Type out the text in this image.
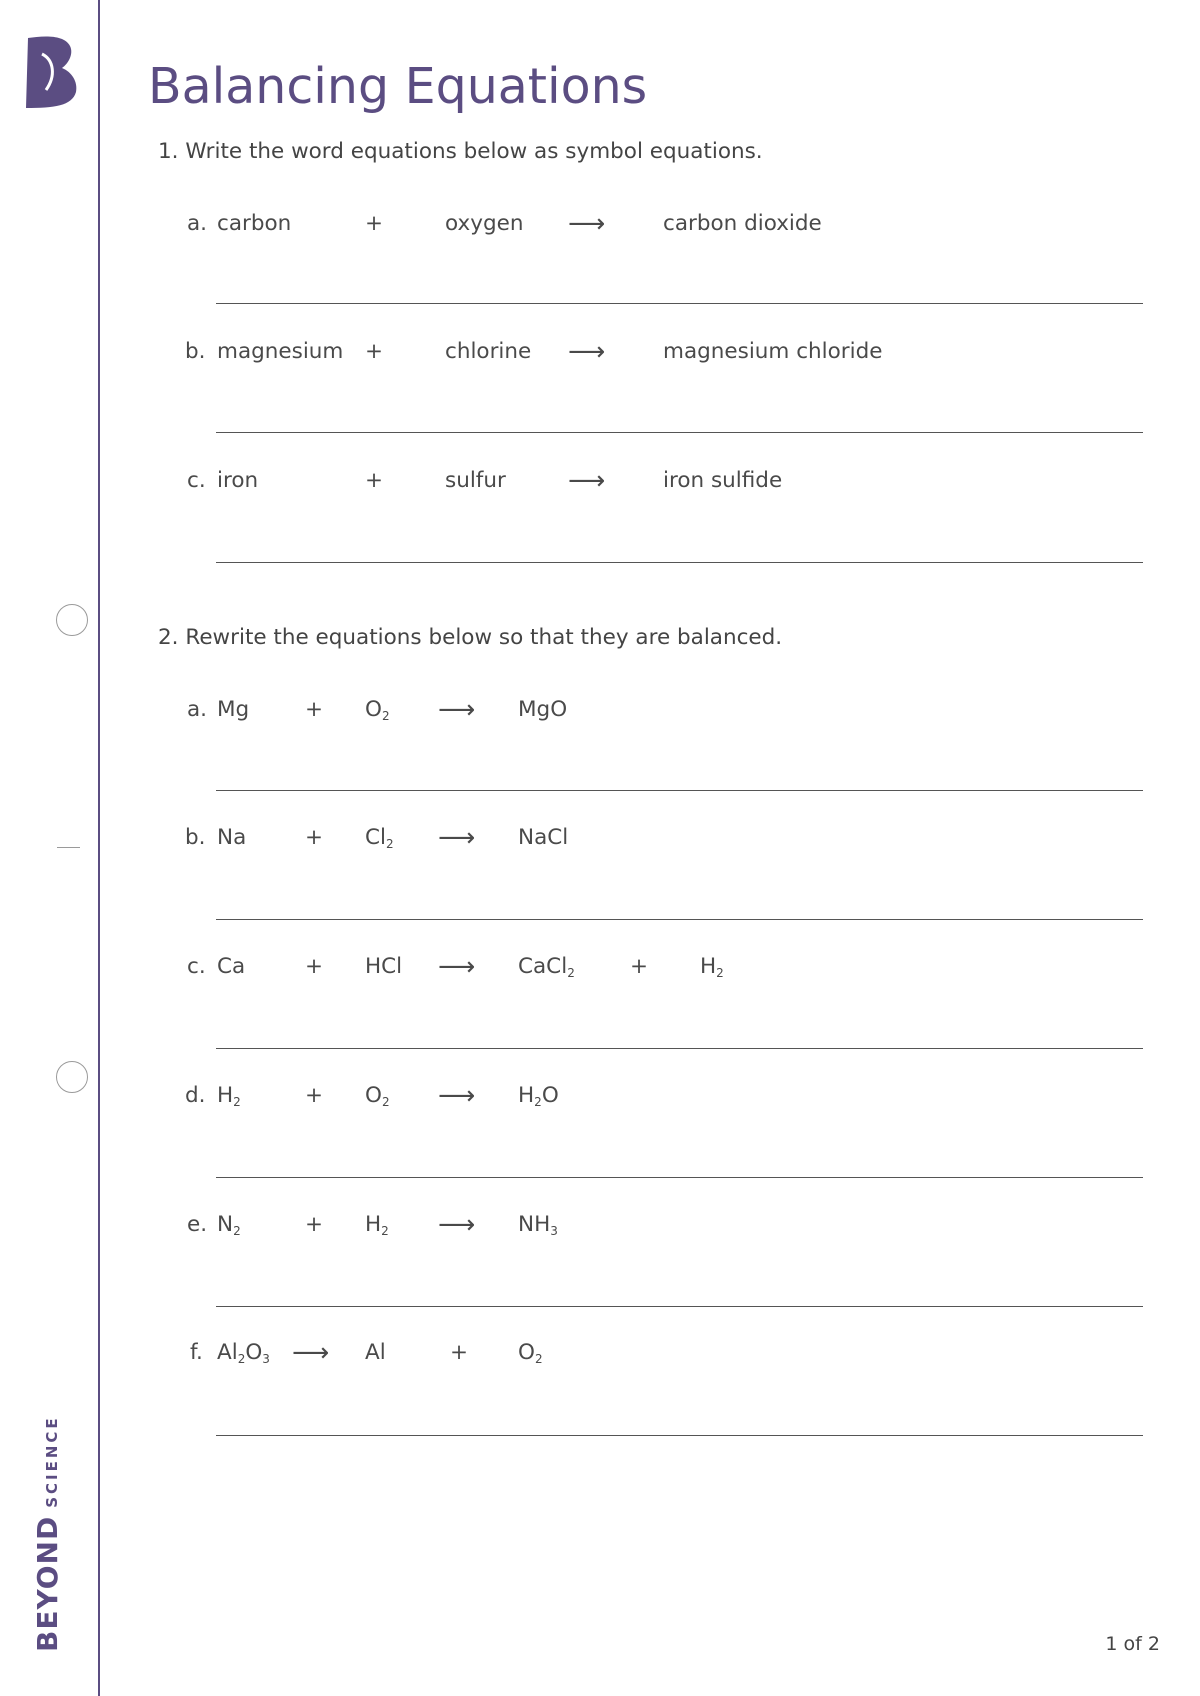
BEYONDSCIENCE
Balancing Equations
1. Write the word equations below as symbol equations.
a. carbon	+	oxygen ⟶	carbon dioxide
b. magnesium +	chlorine ⟶	magnesium chloride
c. iron	+	sulfur ⟶	iron sulfide
2. Rewrite the equations below so that they are balanced.
a. Mg	+ $O_2$ ⟶ MgO
b. Na	+ $Cl_2$ ⟶ NaCl
c. Ca	+ HCl ⟶ CaCl$_2$	+ $H_2$
d. $H_2$	+ $O_2$ ⟶ $H_2O$
e. $N_2$	+ $H_2$ ⟶ $NH_3$
f. $Al_2O_3$ ⟶ Al	+ $O_2$
1 of 2
